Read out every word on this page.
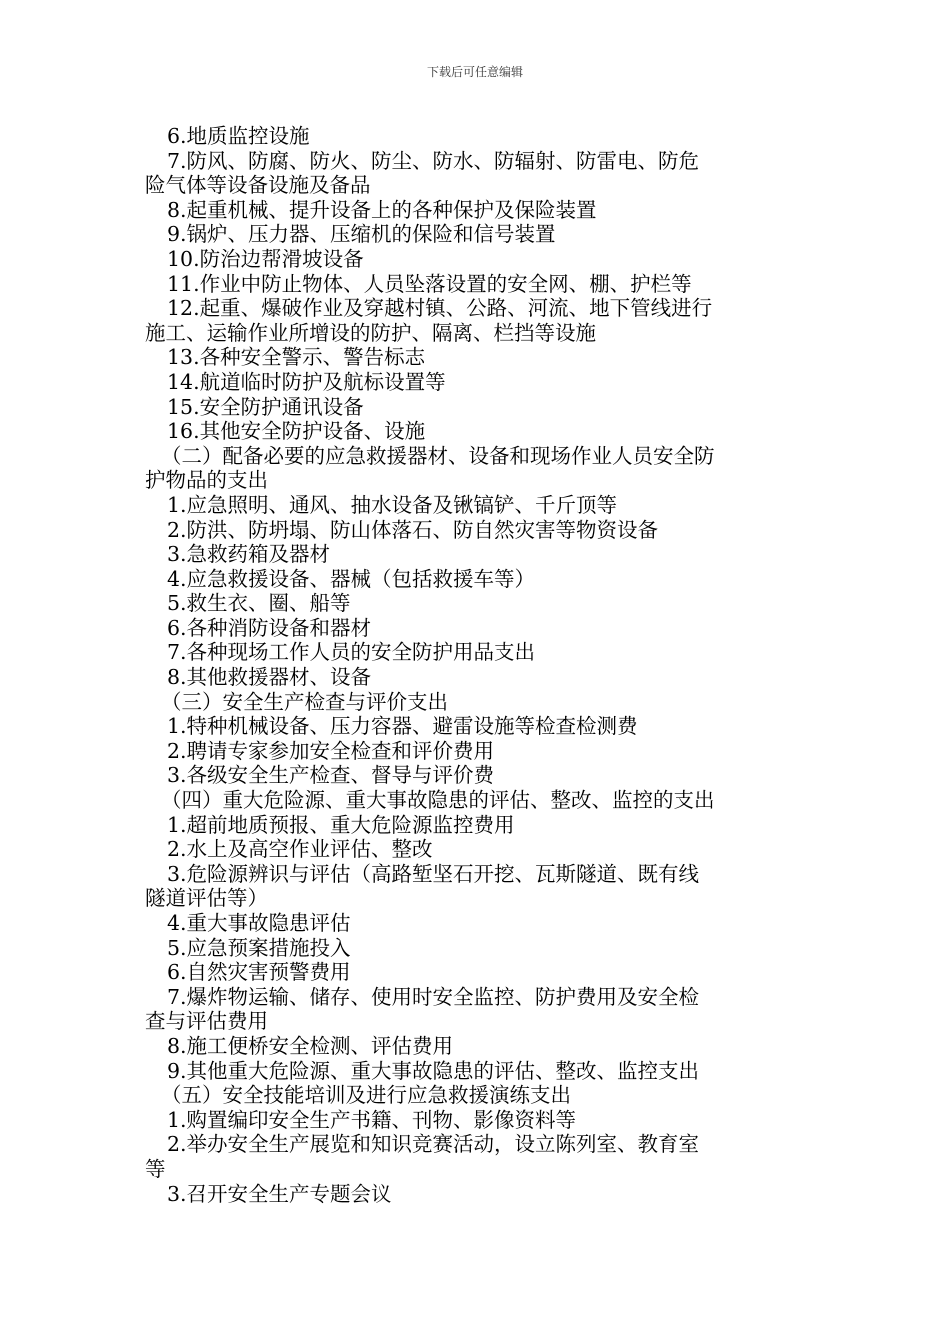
下载后可任意编辑
6.地质监控设施
7.防风、防腐、防火、防尘、防水、防辐射、防雷电、防危
险气体等设备设施及备品
8.起重机械、提升设备上的各种保护及保险装置
9.锅炉、压力器、压缩机的保险和信号装置
10.防治边帮滑坡设备
11.作业中防止物体、人员坠落设置的安全网、棚、护栏等
12.起重、爆破作业及穿越村镇、公路、河流、地下管线进行
施工、运输作业所增设的防护、隔离、栏挡等设施
13.各种安全警示、警告标志
14.航道临时防护及航标设置等
15.安全防护通讯设备
16.其他安全防护设备、设施
（二）配备必要的应急救援器材、设备和现场作业人员安全防
护物品的支出
1.应急照明、通风、抽水设备及锹镐铲、千斤顶等
2.防洪、防坍塌、防山体落石、防自然灾害等物资设备
3.急救药箱及器材
4.应急救援设备、器械（包括救援车等）
5.救生衣、圈、船等
6.各种消防设备和器材
7.各种现场工作人员的安全防护用品支出
8.其他救援器材、设备
（三）安全生产检查与评价支出
1.特种机械设备、压力容器、避雷设施等检查检测费
2.聘请专家参加安全检查和评价费用
3.各级安全生产检查、督导与评价费
（四）重大危险源、重大事故隐患的评估、整改、监控的支出
1.超前地质预报、重大危险源监控费用
2.水上及高空作业评估、整改
3.危险源辨识与评估（高路堑坚石开挖、瓦斯隧道、既有线
隧道评估等）
4.重大事故隐患评估
5.应急预案措施投入
6.自然灾害预警费用
7.爆炸物运输、储存、使用时安全监控、防护费用及安全检
查与评估费用
8.施工便桥安全检测、评估费用
9.其他重大危险源、重大事故隐患的评估、整改、监控支出
（五）安全技能培训及进行应急救援演练支出
1.购置编印安全生产书籍、刊物、影像资料等
2.举办安全生产展览和知识竞赛活动，设立陈列室、教育室
等
3.召开安全生产专题会议
